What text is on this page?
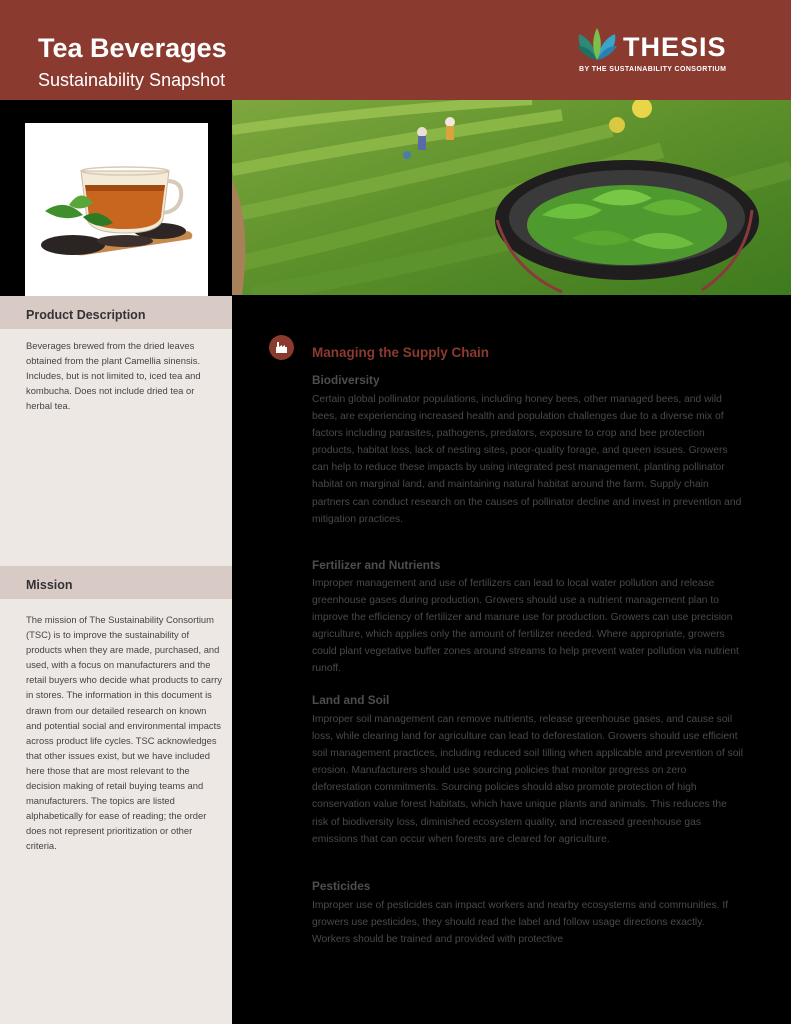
Tea Beverages
Sustainability Snapshot
THESIS
BY THE SUSTAINABILITY CONSORTIUM
Product Description
Beverages brewed from the dried leaves obtained from the plant Camellia sinensis. Includes, but is not limited to, iced tea and kombucha. Does not include dried tea or herbal tea.
Mission
The mission of The Sustainability Consortium (TSC) is to improve the sustainability of products when they are made, purchased, and used, with a focus on manufacturers and the retail buyers who decide what products to carry in stores. The information in this document is drawn from our detailed research on known and potential social and environmental impacts across product life cycles. TSC acknowledges that other issues exist, but we have included here those that are most relevant to the decision making of retail buying teams and manufacturers. The topics are listed alphabetically for ease of reading; the order does not represent prioritization or other criteria.
Managing the Supply Chain
Biodiversity
Certain global pollinator populations, including honey bees, other managed bees, and wild bees, are experiencing increased health and population challenges due to a diverse mix of factors including parasites, pathogens, predators, exposure to crop and bee protection products, habitat loss, lack of nesting sites, poor-quality forage, and queen issues. Growers can help to reduce these impacts by using integrated pest management, planting pollinator habitat on marginal land, and maintaining natural habitat around the farm. Supply chain partners can conduct research on the causes of pollinator decline and invest in prevention and mitigation practices.
Fertilizer and Nutrients
Improper management and use of fertilizers can lead to local water pollution and release greenhouse gases during production. Growers should use a nutrient management plan to improve the efficiency of fertilizer and manure use for production. Growers can use precision agriculture, which applies only the amount of fertilizer needed. Where appropriate, growers could plant vegetative buffer zones around streams to help prevent water pollution via nutrient runoff.
Land and Soil
Improper soil management can remove nutrients, release greenhouse gases, and cause soil loss, while clearing land for agriculture can lead to deforestation. Growers should use efficient soil management practices, including reduced soil tilling when applicable and prevention of soil erosion. Manufacturers should use sourcing policies that monitor progress on zero deforestation commitments. Sourcing policies should also promote protection of high conservation value forest habitats, which have unique plants and animals. This reduces the risk of biodiversity loss, diminished ecosystem quality, and increased greenhouse gas emissions that can occur when forests are cleared for agriculture.
Pesticides
Improper use of pesticides can impact workers and nearby ecosystems and communities. If growers use pesticides, they should read the label and follow usage directions exactly. Workers should be trained and provided with protective
